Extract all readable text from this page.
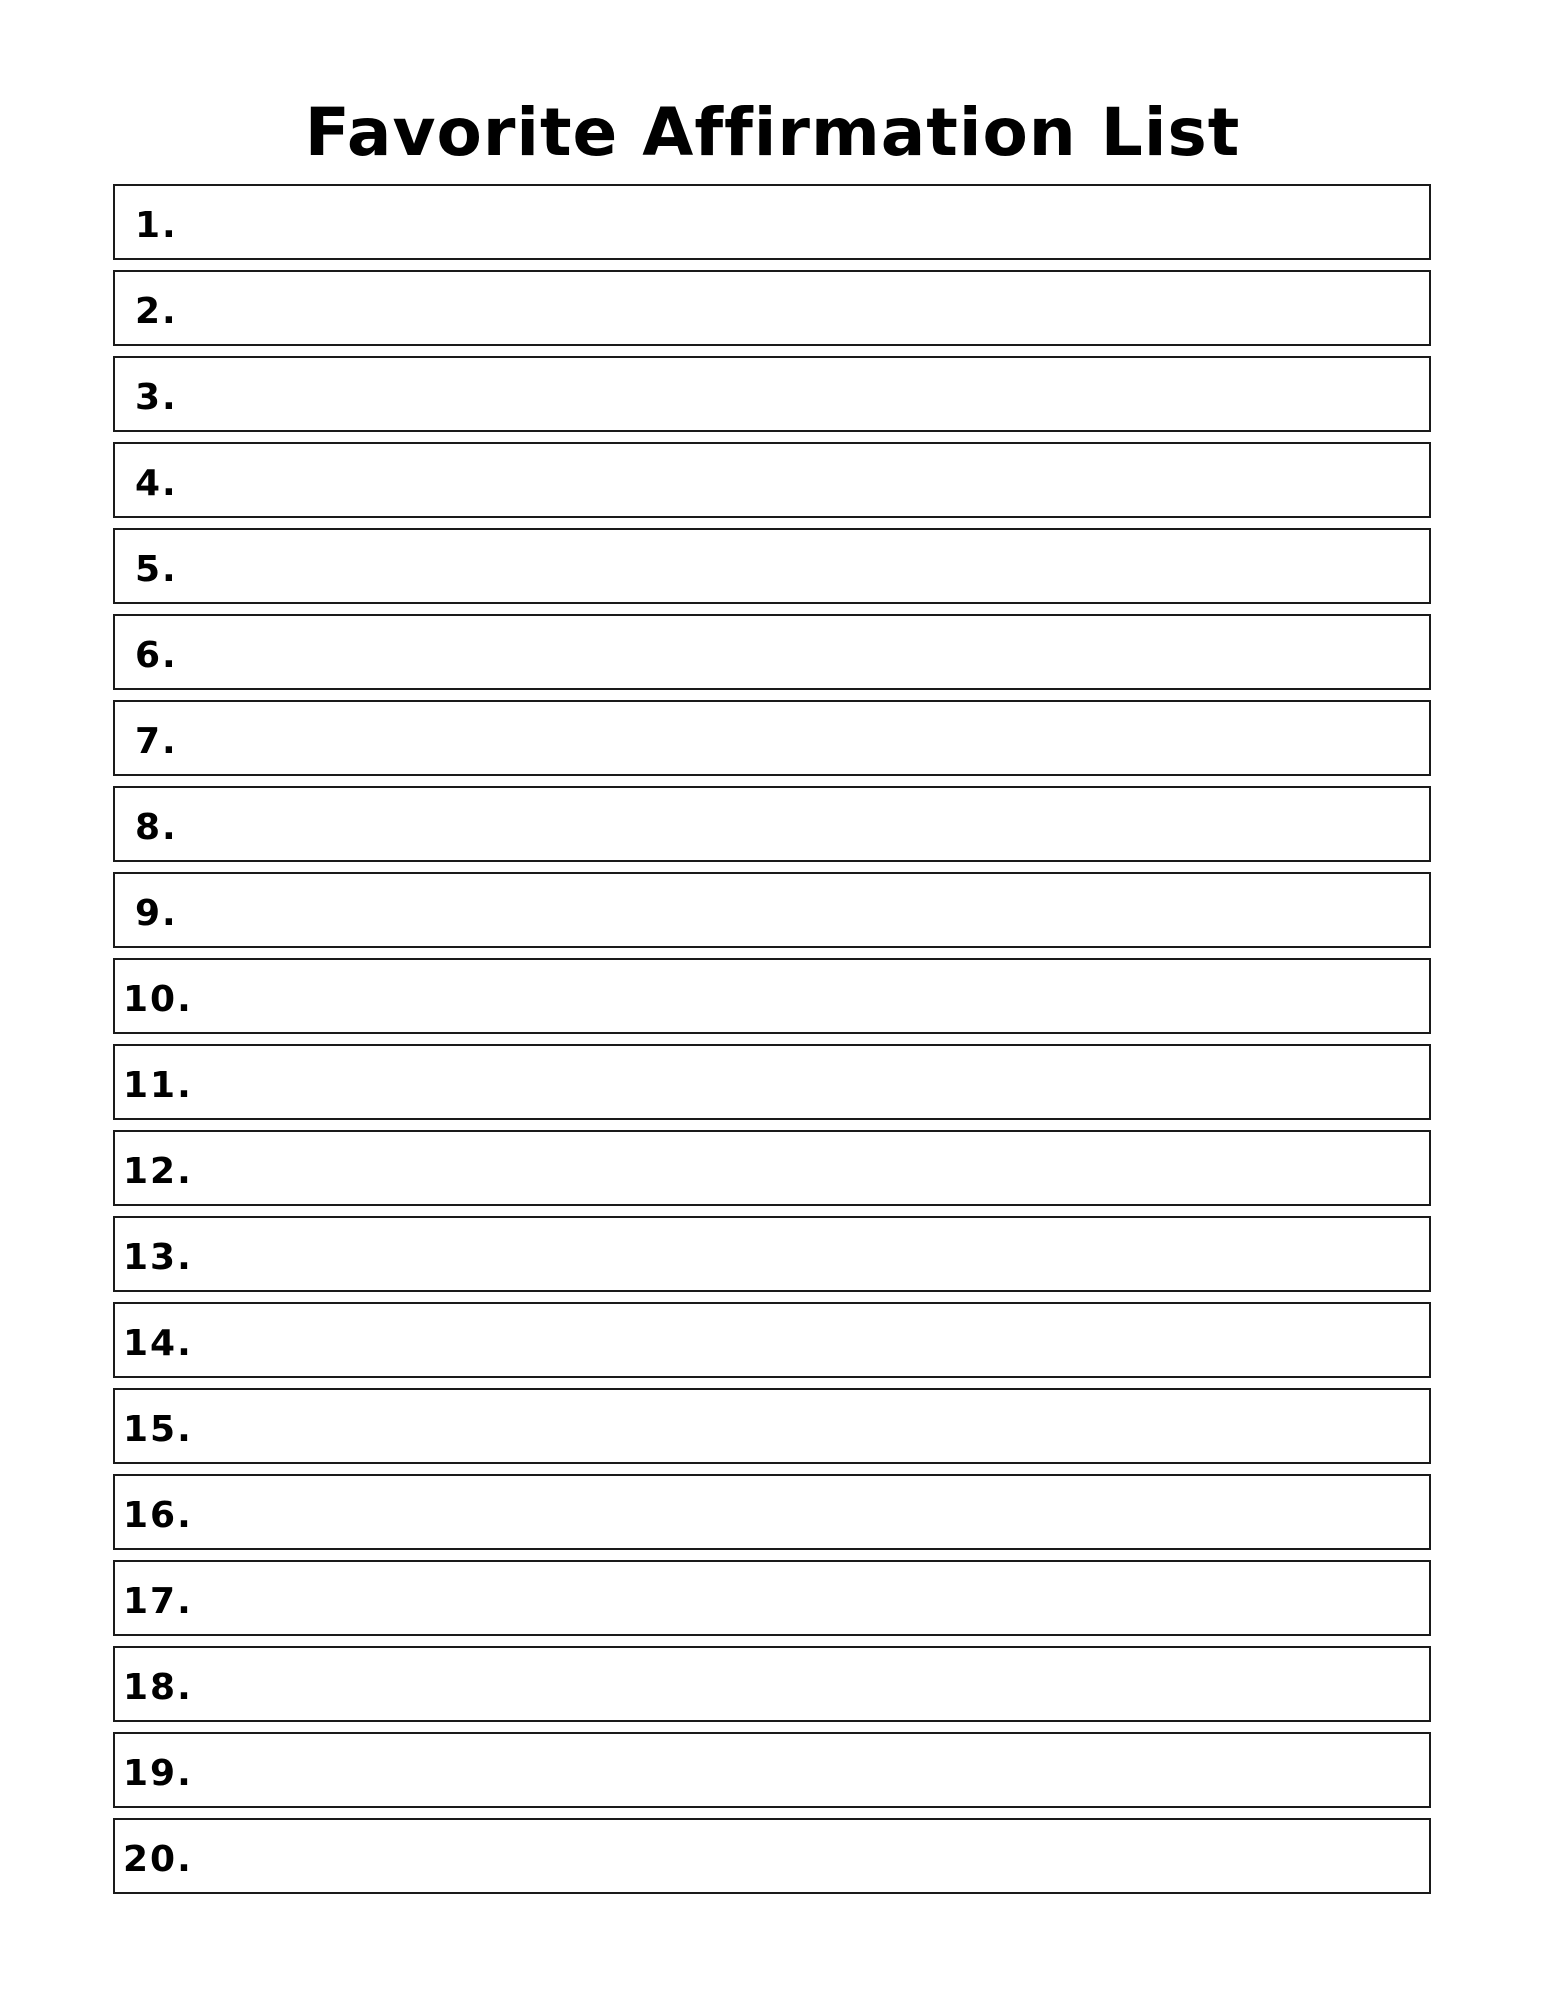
Favorite Affirmation List
1.
2.
3.
4.
5.
6.
7.
8.
9.
10.
11.
12.
13.
14.
15.
16.
17.
18.
19.
20.
